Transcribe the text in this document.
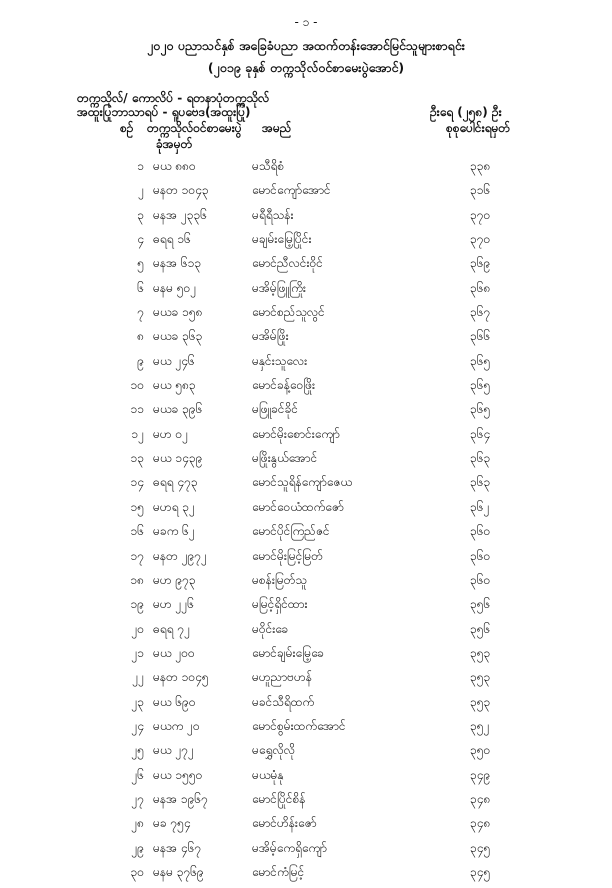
- ၁ -
၂၀၂၀ ပညာသင်နှစ် အခြေခံပညာ အထက်တန်းအောင်မြင်သူများစာရင်း
(၂၀၁၉ ခုနှစ် တက္ကသိုလ်ဝင်စာမေးပွဲအောင်)
တက္ကသိုလ်/ ကောလိပ် - ရတနာပုံတက္ကသိုလ်
အထူးပြုဘာသာရပ် - ရူပဗေဒ(အထူးပြု)	ဦးရေ (၂၅၈) ဦး
စဉ် တက္ကသိုလ်ဝင်စာမေးပွဲ
ခုံအမှတ်
အမည်	စုစုပေါင်းရမှတ်
၁ မယ ၈၈၀	မသီရိစံ	၃၃၈
၂ မနတ ၁၀၄၃	မောင်ကျော်အောင်	၃၁၆
၃ မနအ ၂၃၃၆	မရီရီသန်း	၃၇၀
၄ ဓရရ ၁၆	မချမ်းမြေ့ပြိုင်း	၃၇၀
၅ မနအ ၆၁၃	မောင်ညီလင်းဝိုင်	၃၆၉
၆ မနမ ၅၀၂	မအိမ့်ဖြူကြိုး	၃၆၈
၇ မယခ ၁၅၈	မောင်စည်သူလွင်	၃၆၇
၈ မယခ ၃၆၃	မအိမ်ဖြိုး	၃၆၆
၉ မယ ၂၄၆	မနှင်းသူလေး	၃၆၅
၁၀ မယ ၅၈၃	မောင်ခန့်ဝေဖြိုး	၃၆၅
၁၁ မယခ ၃၉၆	မဖြူခင်ခိုင်	၃၆၅
၁၂ မဟ ၀၂	မောင်မိုးစောင်းကျော်	၃၆၄
၁၃ မယ ၁၄၃၉	မဖြိုးနွယ်အောင်	၃၆၃
၁၄ ဓရရ ၄၇၃	မောင်သူရိန်ကျော်ဇေယ	၃၆၃
၁၅ မဟရ ၃၂	မောင်ဝေယံထက်ဇော်	၃၆၂
၁၆ မခက ၆၂	မောင်ပိုင်ကြည်ဇင်	၃၆၀
၁၇ မနတ ၂၉၇၂	မောင်မိုးမြင့်မြတ်	၃၆၀
၁၈ မဟ ၉၇၃	မစန်းမြတ်သူ	၃၆၀
၁၉ မဟ ၂၂၆	မမြင့်ရှိင်ထား	၃၅၆
၂၀ ဓရရ ၇၂	မဝိုင်းခေ	၃၅၆
၂၁ မယ ၂၀၀	မောင်ချမ်းမြေ့ခေ	၃၅၃
၂၂ မနတ ၁၀၄၅	မဟူညာဗဟန်	၃၅၃
၂၃ မယ ၆၉၀	မခင်သီရိထက်	၃၅၃
၂၄ မယက ၂၀	မောင်စွမ်းထက်အောင်	၃၅၂
၂၅ မယ ၂၇၂	မရွှေလိုလို	၃၅၀
၂၆ မယ ၁၅၅၀	မယမုံနု	၃၄၉
၂၇ မနအ ၁၉၆၇	မောင်ပြိုင်စိန်	၃၄၈
၂၈ မခ ၇၅၄	မောင်ဟိန်းဇော်	၃၄၈
၂၉ မနအ ၄၆၇	မအိမ့်ကေရှိကျော်	၃၄၅
၃၀ မနမ ၃၇၆၉	မောင်ကံမြင့်	၃၄၅
